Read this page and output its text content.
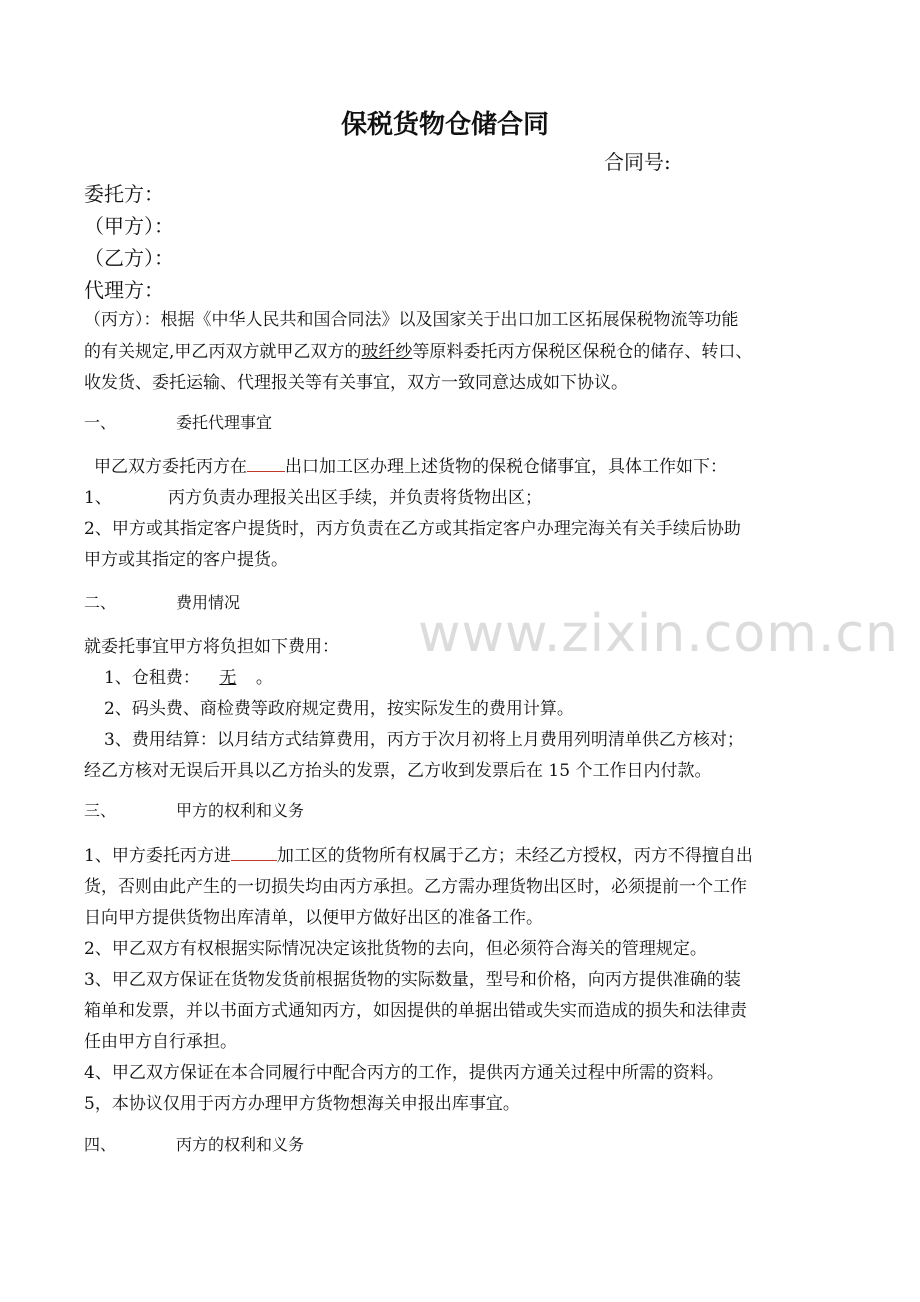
www.zixin.com.cn
保税货物仓储合同
合同号:
委托方：
（甲方）：
（乙方）：
代理方：
（丙方）：根据《中华人民共和国合同法》以及国家关于出口加工区拓展保税物流等功能
的有关规定,甲乙丙双方就甲乙双方的玻纤纱等原料委托丙方保税区保税仓的储存、转口、
收发货、委托运输、代理报关等有关事宜，双方一致同意达成如下协议。
一、	委托代理事宜
甲乙双方委托丙方在 出口加工区办理上述货物的保税仓储事宜，具体工作如下：
1、	丙方负责办理报关出区手续，并负责将货物出区；
2、甲方或其指定客户提货时，丙方负责在乙方或其指定客户办理完海关有关手续后协助
甲方或其指定的客户提货。
二、	费用情况
就委托事宜甲方将负担如下费用：
1、仓租费： 无 。
2、码头费、商检费等政府规定费用，按实际发生的费用计算。
3、费用结算：以月结方式结算费用，丙方于次月初将上月费用列明清单供乙方核对；
经乙方核对无误后开具以乙方抬头的发票，乙方收到发票后在 15 个工作日内付款。
三、	甲方的权利和义务
1、甲方委托丙方进	加工区的货物所有权属于乙方；未经乙方授权，丙方不得擅自出
货，否则由此产生的一切损失均由丙方承担。乙方需办理货物出区时，必须提前一个工作
日向甲方提供货物出库清单，以便甲方做好出区的准备工作。
2、甲乙双方有权根据实际情况决定该批货物的去向，但必须符合海关的管理规定。
3、甲乙双方保证在货物发货前根据货物的实际数量，型号和价格，向丙方提供准确的装
箱单和发票，并以书面方式通知丙方，如因提供的单据出错或失实而造成的损失和法律责
任由甲方自行承担。
4、甲乙双方保证在本合同履行中配合丙方的工作，提供丙方通关过程中所需的资料。
5，本协议仅用于丙方办理甲方货物想海关申报出库事宜。
四、	丙方的权利和义务
